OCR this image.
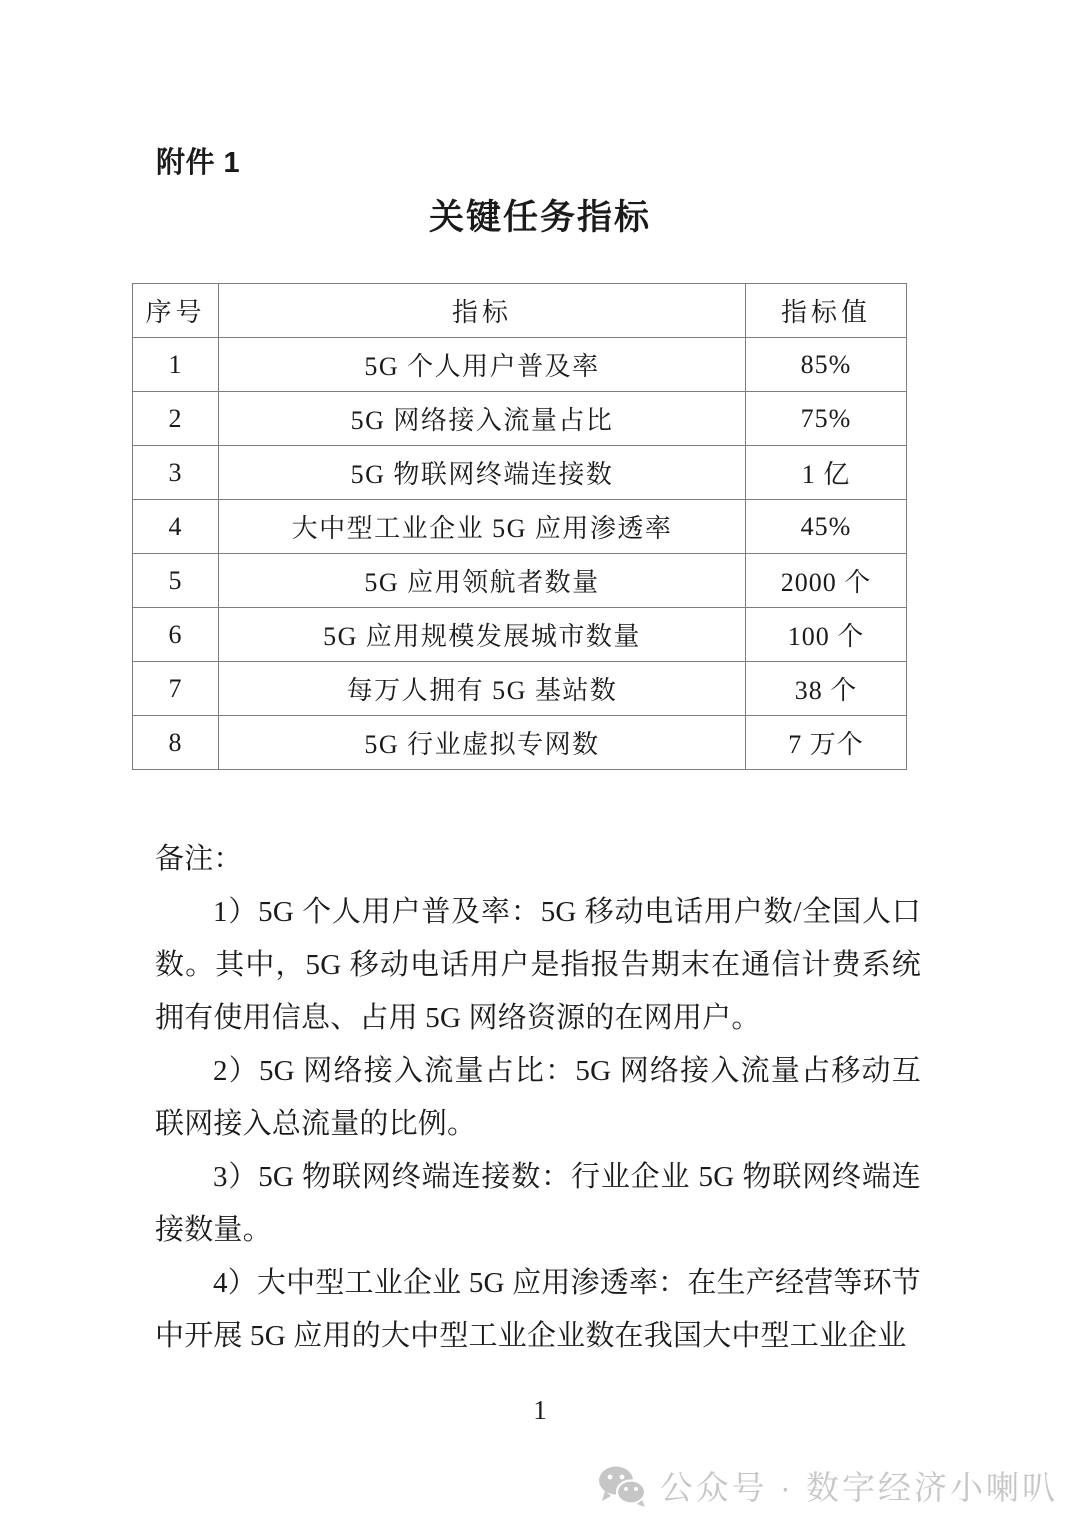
附件 1
关键任务指标
序号	指标	指标值
1	5G 个人用户普及率	85%
2	5G 网络接入流量占比	75%
3	5G 物联网终端连接数	1 亿
4	大中型工业企业 5G 应用渗透率	45%
5	5G 应用领航者数量	2000 个
6	5G 应用规模发展城市数量	100 个
7	每万人拥有 5G 基站数	38 个
8	5G 行业虚拟专网数	7 万个

备注：

1）5G 个人用户普及率：5G 移动电话用户数/全国人口数。其中，5G 移动电话用户是指报告期末在通信计费系统拥有使用信息、占用 5G 网络资源的在网用户。

2）5G 网络接入流量占比：5G 网络接入流量占移动互联网接入总流量的比例。

3）5G 物联网终端连接数：行业企业 5G 物联网终端连接数量。

4）大中型工业企业 5G 应用渗透率：在生产经营等环节中开展 5G 应用的大中型工业企业数在我国大中型工业企业

1
公众号 · 数字经济小喇叭
